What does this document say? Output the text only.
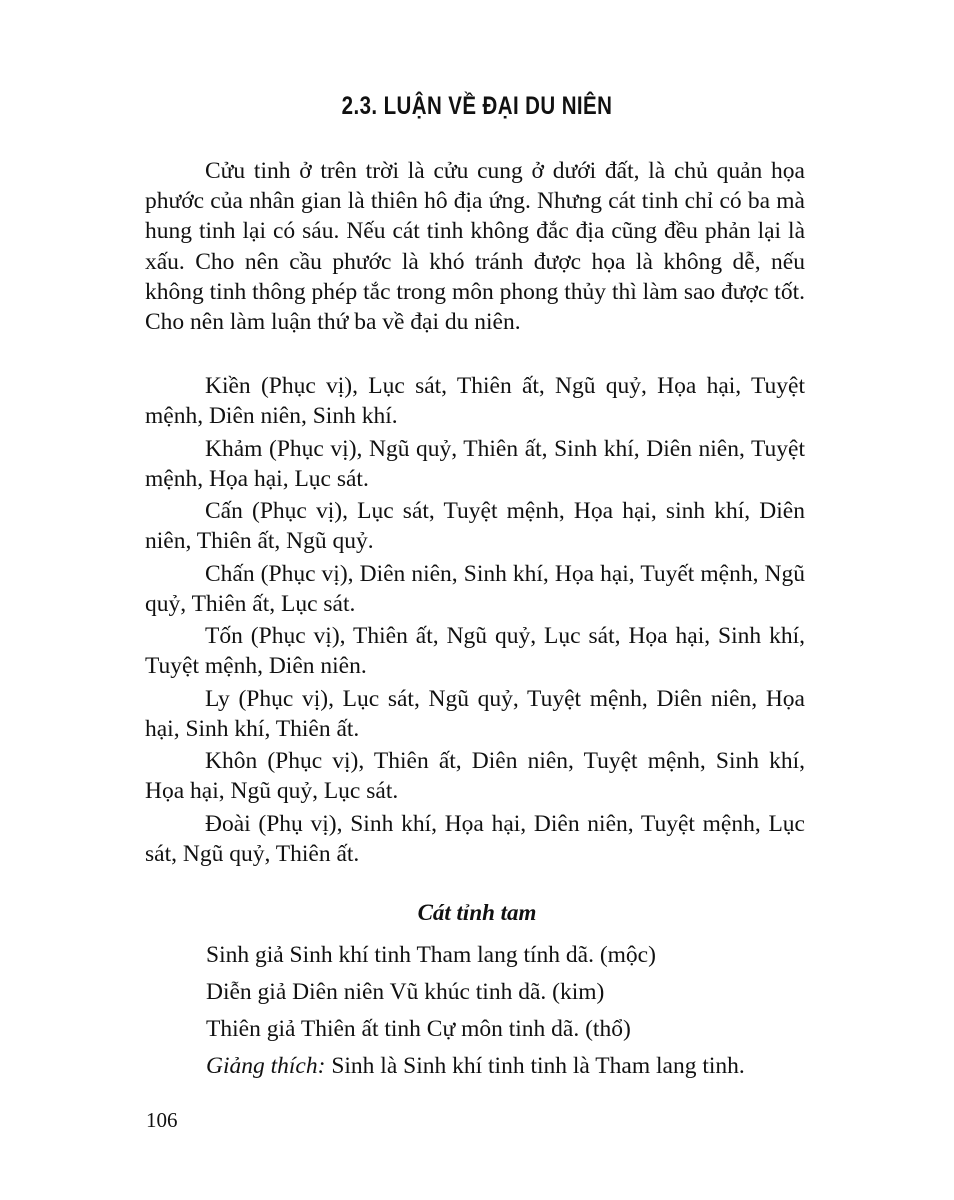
2.3. LUẬN VỀ ĐẠI DU NIÊN

Cửu tinh ở trên trời là cửu cung ở dưới đất, là chủ quản họa phước của nhân gian là thiên hô địa ứng. Nhưng cát tinh chỉ có ba mà hung tinh lại có sáu. Nếu cát tinh không đắc địa cũng đều phản lại là xấu. Cho nên cầu phước là khó tránh được họa là không dễ, nếu không tinh thông phép tắc trong môn phong thủy thì làm sao được tốt. Cho nên làm luận thứ ba về đại du niên.

Kiền (Phục vị), Lục sát, Thiên ất, Ngũ quỷ, Họa hại, Tuyệt mệnh, Diên niên, Sinh khí.

Khảm (Phục vị), Ngũ quỷ, Thiên ất, Sinh khí, Diên niên, Tuyệt mệnh, Họa hại, Lục sát.

Cấn (Phục vị), Lục sát, Tuyệt mệnh, Họa hại, sinh khí, Diên niên, Thiên ất, Ngũ quỷ.

Chấn (Phục vị), Diên niên, Sinh khí, Họa hại, Tuyết mệnh, Ngũ quỷ, Thiên ất, Lục sát.

Tốn (Phục vị), Thiên ất, Ngũ quỷ, Lục sát, Họa hại, Sinh khí, Tuyệt mệnh, Diên niên.

Ly (Phục vị), Lục sát, Ngũ quỷ, Tuyệt mệnh, Diên niên, Họa hại, Sinh khí, Thiên ất.

Khôn (Phục vị), Thiên ất, Diên niên, Tuyệt mệnh, Sinh khí, Họa hại, Ngũ quỷ, Lục sát.

Đoài (Phụ vị), Sinh khí, Họa hại, Diên niên, Tuyệt mệnh, Lục sát, Ngũ quỷ, Thiên ất.

Cát tỉnh tam
Sinh giả Sinh khí tinh Tham lang tính dã. (mộc)
Diễn giả Diên niên Vũ khúc tinh dã. (kim)
Thiên giả Thiên ất tinh Cự môn tinh dã. (thổ)
Giảng thích: Sinh là Sinh khí tinh tinh là Tham lang tinh.
106
